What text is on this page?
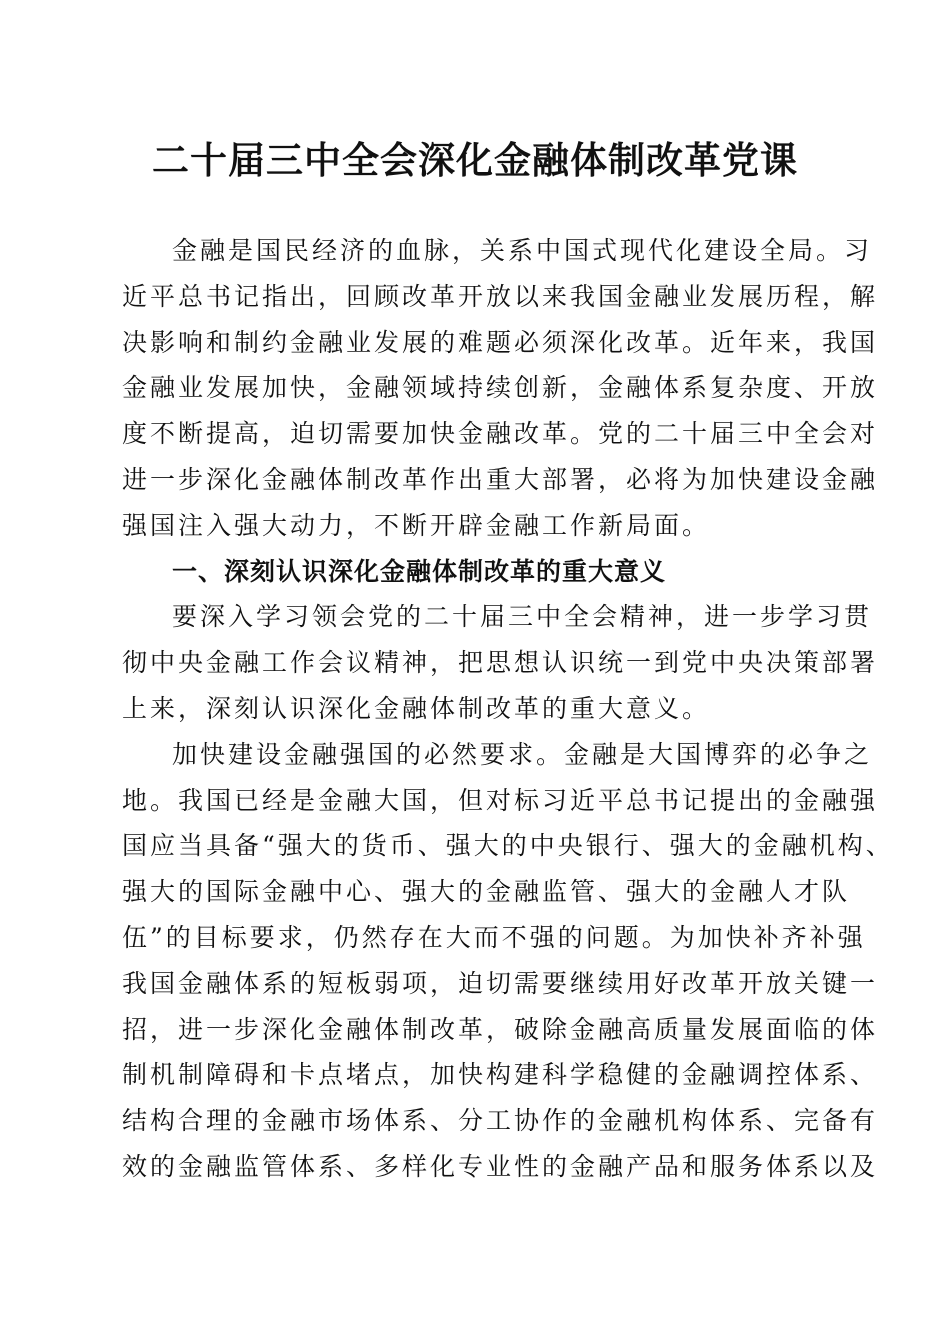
二十届三中全会深化金融体制改革党课
金融是国民经济的血脉，关系中国式现代化建设全局。习
近平总书记指出，回顾改革开放以来我国金融业发展历程，解
决影响和制约金融业发展的难题必须深化改革。近年来，我国
金融业发展加快，金融领域持续创新，金融体系复杂度、开放
度不断提高，迫切需要加快金融改革。党的二十届三中全会对
进一步深化金融体制改革作出重大部署，必将为加快建设金融
强国注入强大动力，不断开辟金融工作新局面。
一、深刻认识深化金融体制改革的重大意义
要深入学习领会党的二十届三中全会精神，进一步学习贯
彻中央金融工作会议精神，把思想认识统一到党中央决策部署
上来，深刻认识深化金融体制改革的重大意义。
加快建设金融强国的必然要求。金融是大国博弈的必争之
地。我国已经是金融大国，但对标习近平总书记提出的金融强
国应当具备“强大的货币、强大的中央银行、强大的金融机构、
强大的国际金融中心、强大的金融监管、强大的金融人才队
伍”的目标要求，仍然存在大而不强的问题。为加快补齐补强
我国金融体系的短板弱项，迫切需要继续用好改革开放关键一
招，进一步深化金融体制改革，破除金融高质量发展面临的体
制机制障碍和卡点堵点，加快构建科学稳健的金融调控体系、
结构合理的金融市场体系、分工协作的金融机构体系、完备有
效的金融监管体系、多样化专业性的金融产品和服务体系以及
